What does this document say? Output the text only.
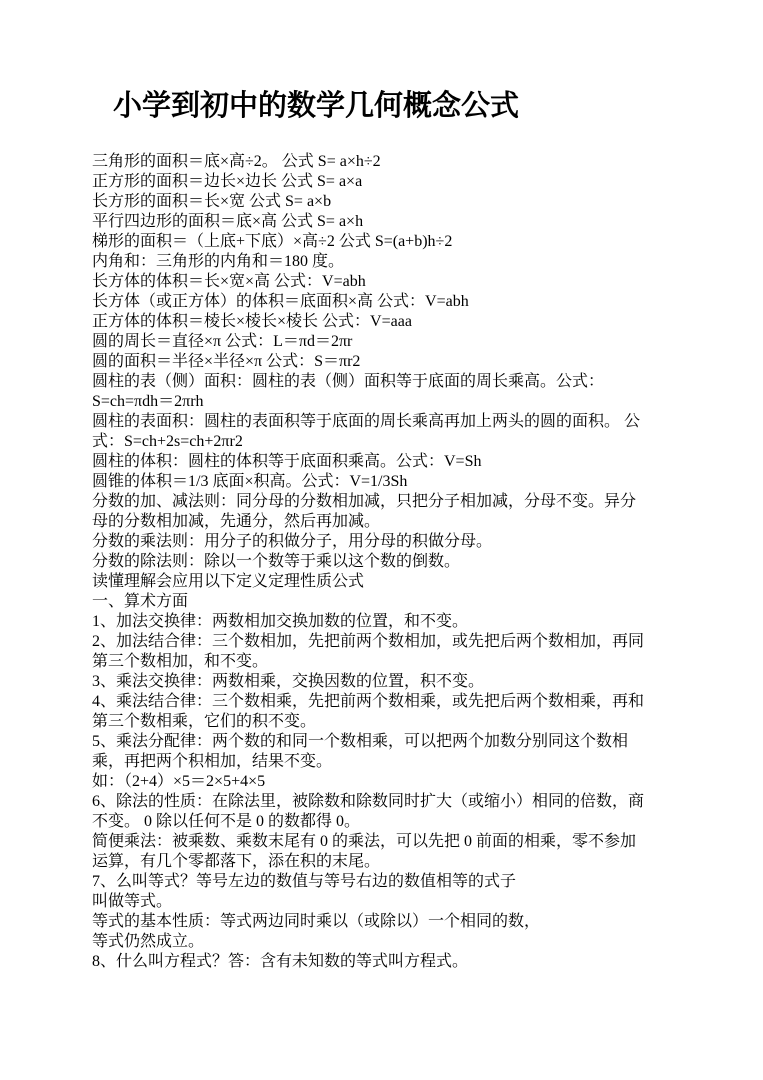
小学到初中的数学几何概念公式
三角形的面积＝底×高÷2。 公式 S= a×h÷2
正方形的面积＝边长×边长 公式 S= a×a
长方形的面积＝长×宽 公式 S= a×b
平行四边形的面积＝底×高 公式 S= a×h
梯形的面积＝（上底+下底）×高÷2 公式 S=(a+b)h÷2
内角和：三角形的内角和＝180 度。
长方体的体积＝长×宽×高 公式：V=abh
长方体（或正方体）的体积＝底面积×高 公式：V=abh
正方体的体积＝棱长×棱长×棱长 公式：V=aaa
圆的周长＝直径×π 公式：L＝πd＝2πr
圆的面积＝半径×半径×π 公式：S＝πr2
圆柱的表（侧）面积：圆柱的表（侧）面积等于底面的周长乘高。公式：
S=ch=πdh＝2πrh
圆柱的表面积：圆柱的表面积等于底面的周长乘高再加上两头的圆的面积。 公
式：S=ch+2s=ch+2πr2
圆柱的体积：圆柱的体积等于底面积乘高。公式：V=Sh
圆锥的体积＝1/3 底面×积高。公式：V=1/3Sh
分数的加、减法则：同分母的分数相加减，只把分子相加减，分母不变。异分
母的分数相加减，先通分，然后再加减。
分数的乘法则：用分子的积做分子，用分母的积做分母。
分数的除法则：除以一个数等于乘以这个数的倒数。
读懂理解会应用以下定义定理性质公式
一、算术方面
1、加法交换律：两数相加交换加数的位置，和不变。
2、加法结合律：三个数相加，先把前两个数相加，或先把后两个数相加，再同
第三个数相加，和不变。
3、乘法交换律：两数相乘，交换因数的位置，积不变。
4、乘法结合律：三个数相乘，先把前两个数相乘，或先把后两个数相乘，再和
第三个数相乘，它们的积不变。
5、乘法分配律：两个数的和同一个数相乘，可以把两个加数分别同这个数相
乘，再把两个积相加，结果不变。
如：（2+4）×5＝2×5+4×5
6、除法的性质：在除法里，被除数和除数同时扩大（或缩小）相同的倍数，商
不变。 0 除以任何不是 0 的数都得 0。
简便乘法：被乘数、乘数末尾有 0 的乘法，可以先把 0 前面的相乘，零不参加
运算，有几个零都落下，添在积的末尾。
7、么叫等式？等号左边的数值与等号右边的数值相等的式子
叫做等式。
等式的基本性质：等式两边同时乘以（或除以）一个相同的数，
等式仍然成立。
8、什么叫方程式？答：含有未知数的等式叫方程式。
